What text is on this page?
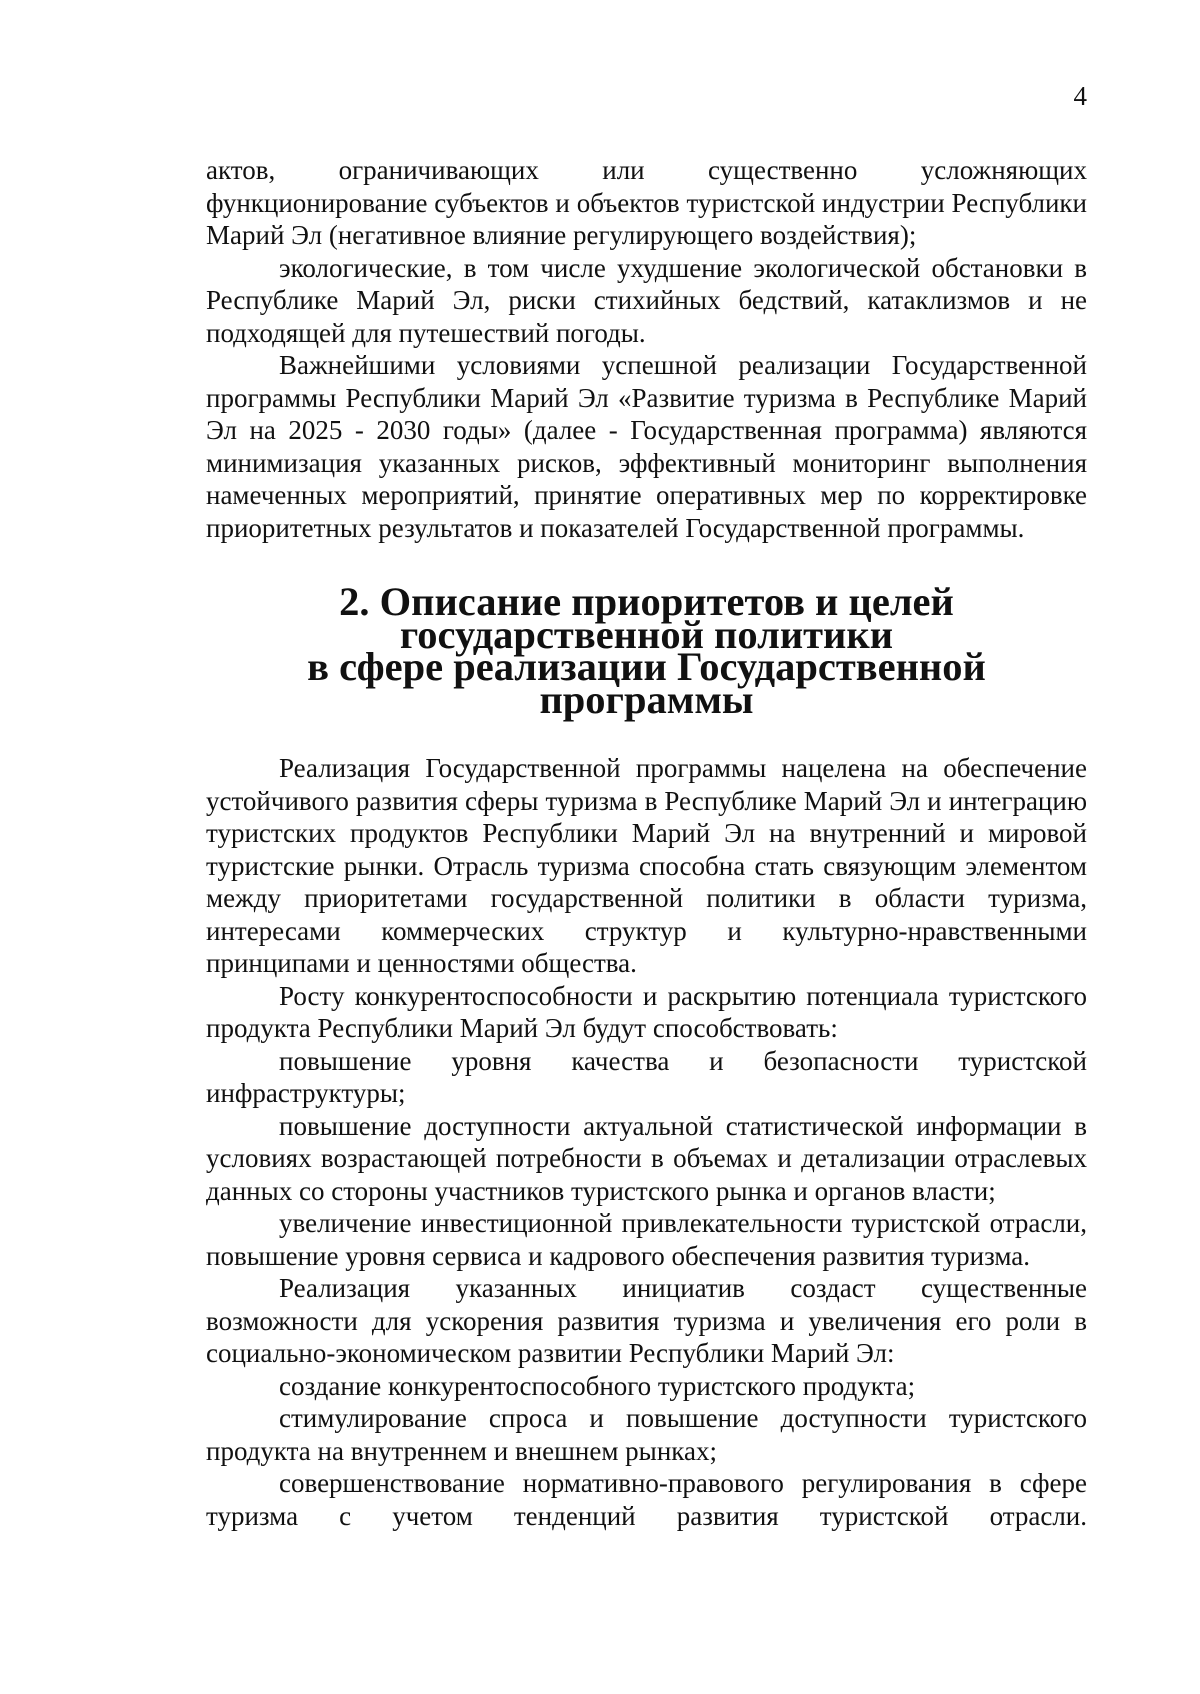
4

актов, ограничивающих или существенно усложняющих функционирование субъектов и объектов туристской индустрии Республики Марий Эл (негативное влияние регулирующего воздействия);

экологические, в том числе ухудшение экологической обстановки в Республике Марий Эл, риски стихийных бедствий, катаклизмов и не подходящей для путешествий погоды.

Важнейшими условиями успешной реализации Государственной программы Республики Марий Эл «Развитие туризма в Республике Марий Эл на 2025 - 2030 годы» (далее - Государственная программа) являются минимизация указанных рисков, эффективный мониторинг выполнения намеченных мероприятий, принятие оперативных мер по корректировке приоритетных результатов и показателей Государственной программы.

2. Описание приоритетов и целей государственной политики
в сфере реализации Государственной программы

Реализация Государственной программы нацелена на обеспечение устойчивого развития сферы туризма в Республике Марий Эл и интеграцию туристских продуктов Республики Марий Эл на внутренний и мировой туристские рынки. Отрасль туризма способна стать связующим элементом между приоритетами государственной политики в области туризма, интересами коммерческих структур и культурно-нравственными принципами и ценностями общества.

Росту конкурентоспособности и раскрытию потенциала туристского продукта Республики Марий Эл будут способствовать:

повышение уровня качества и безопасности туристской инфраструктуры;

повышение доступности актуальной статистической информации в условиях возрастающей потребности в объемах и детализации отраслевых данных со стороны участников туристского рынка и органов власти;

увеличение инвестиционной привлекательности туристской отрасли, повышение уровня сервиса и кадрового обеспечения развития туризма.

Реализация указанных инициатив создаст существенные возможности для ускорения развития туризма и увеличения его роли в социально-экономическом развитии Республики Марий Эл:

создание конкурентоспособного туристского продукта;

стимулирование спроса и повышение доступности туристского продукта на внутреннем и внешнем рынках;

совершенствование нормативно-правового регулирования в сфере туризма с учетом тенденций развития туристской отрасли.
